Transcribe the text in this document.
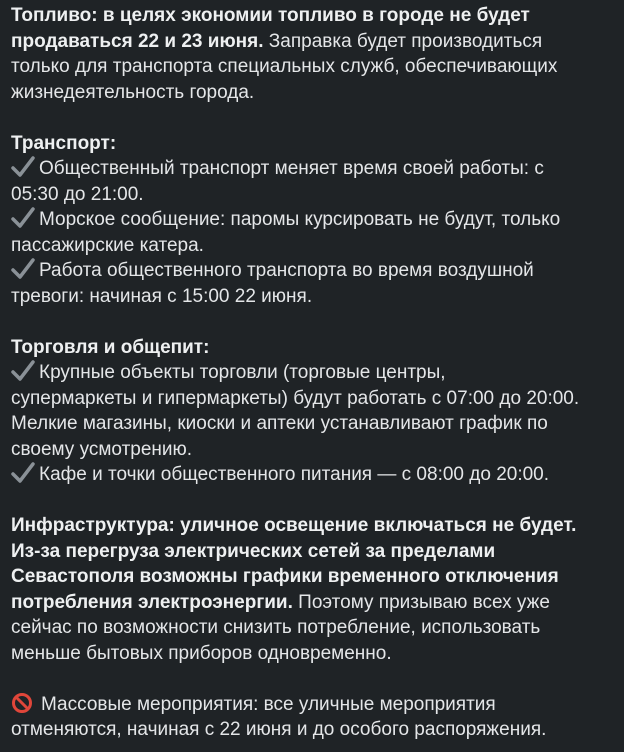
Топливо: в целях экономии топливо в городе не будет
продаваться 22 и 23 июня. Заправка будет производиться
только для транспорта специальных служб, обеспечивающих
жизнедеятельность города.
Транспорт:
Общественный транспорт меняет время своей работы: с
05:30 до 21:00.
Морское сообщение: паромы курсировать не будут, только
пассажирские катера.
Работа общественного транспорта во время воздушной
тревоги: начиная с 15:00 22 июня.
Торговля и общепит:
Крупные объекты торговли (торговые центры,
супермаркеты и гипермаркеты) будут работать с 07:00 до 20:00.
Мелкие магазины, киоски и аптеки устанавливают график по
своему усмотрению.
Кафе и точки общественного питания — с 08:00 до 20:00.
Инфраструктура: уличное освещение включаться не будет.
Из-за перегруза электрических сетей за пределами
Севастополя возможны графики временного отключения
потребления электроэнергии. Поэтому призываю всех уже
сейчас по возможности снизить потребление, использовать
меньше бытовых приборов одновременно.
Массовые мероприятия: все уличные мероприятия
отменяются, начиная с 22 июня и до особого распоряжения.
